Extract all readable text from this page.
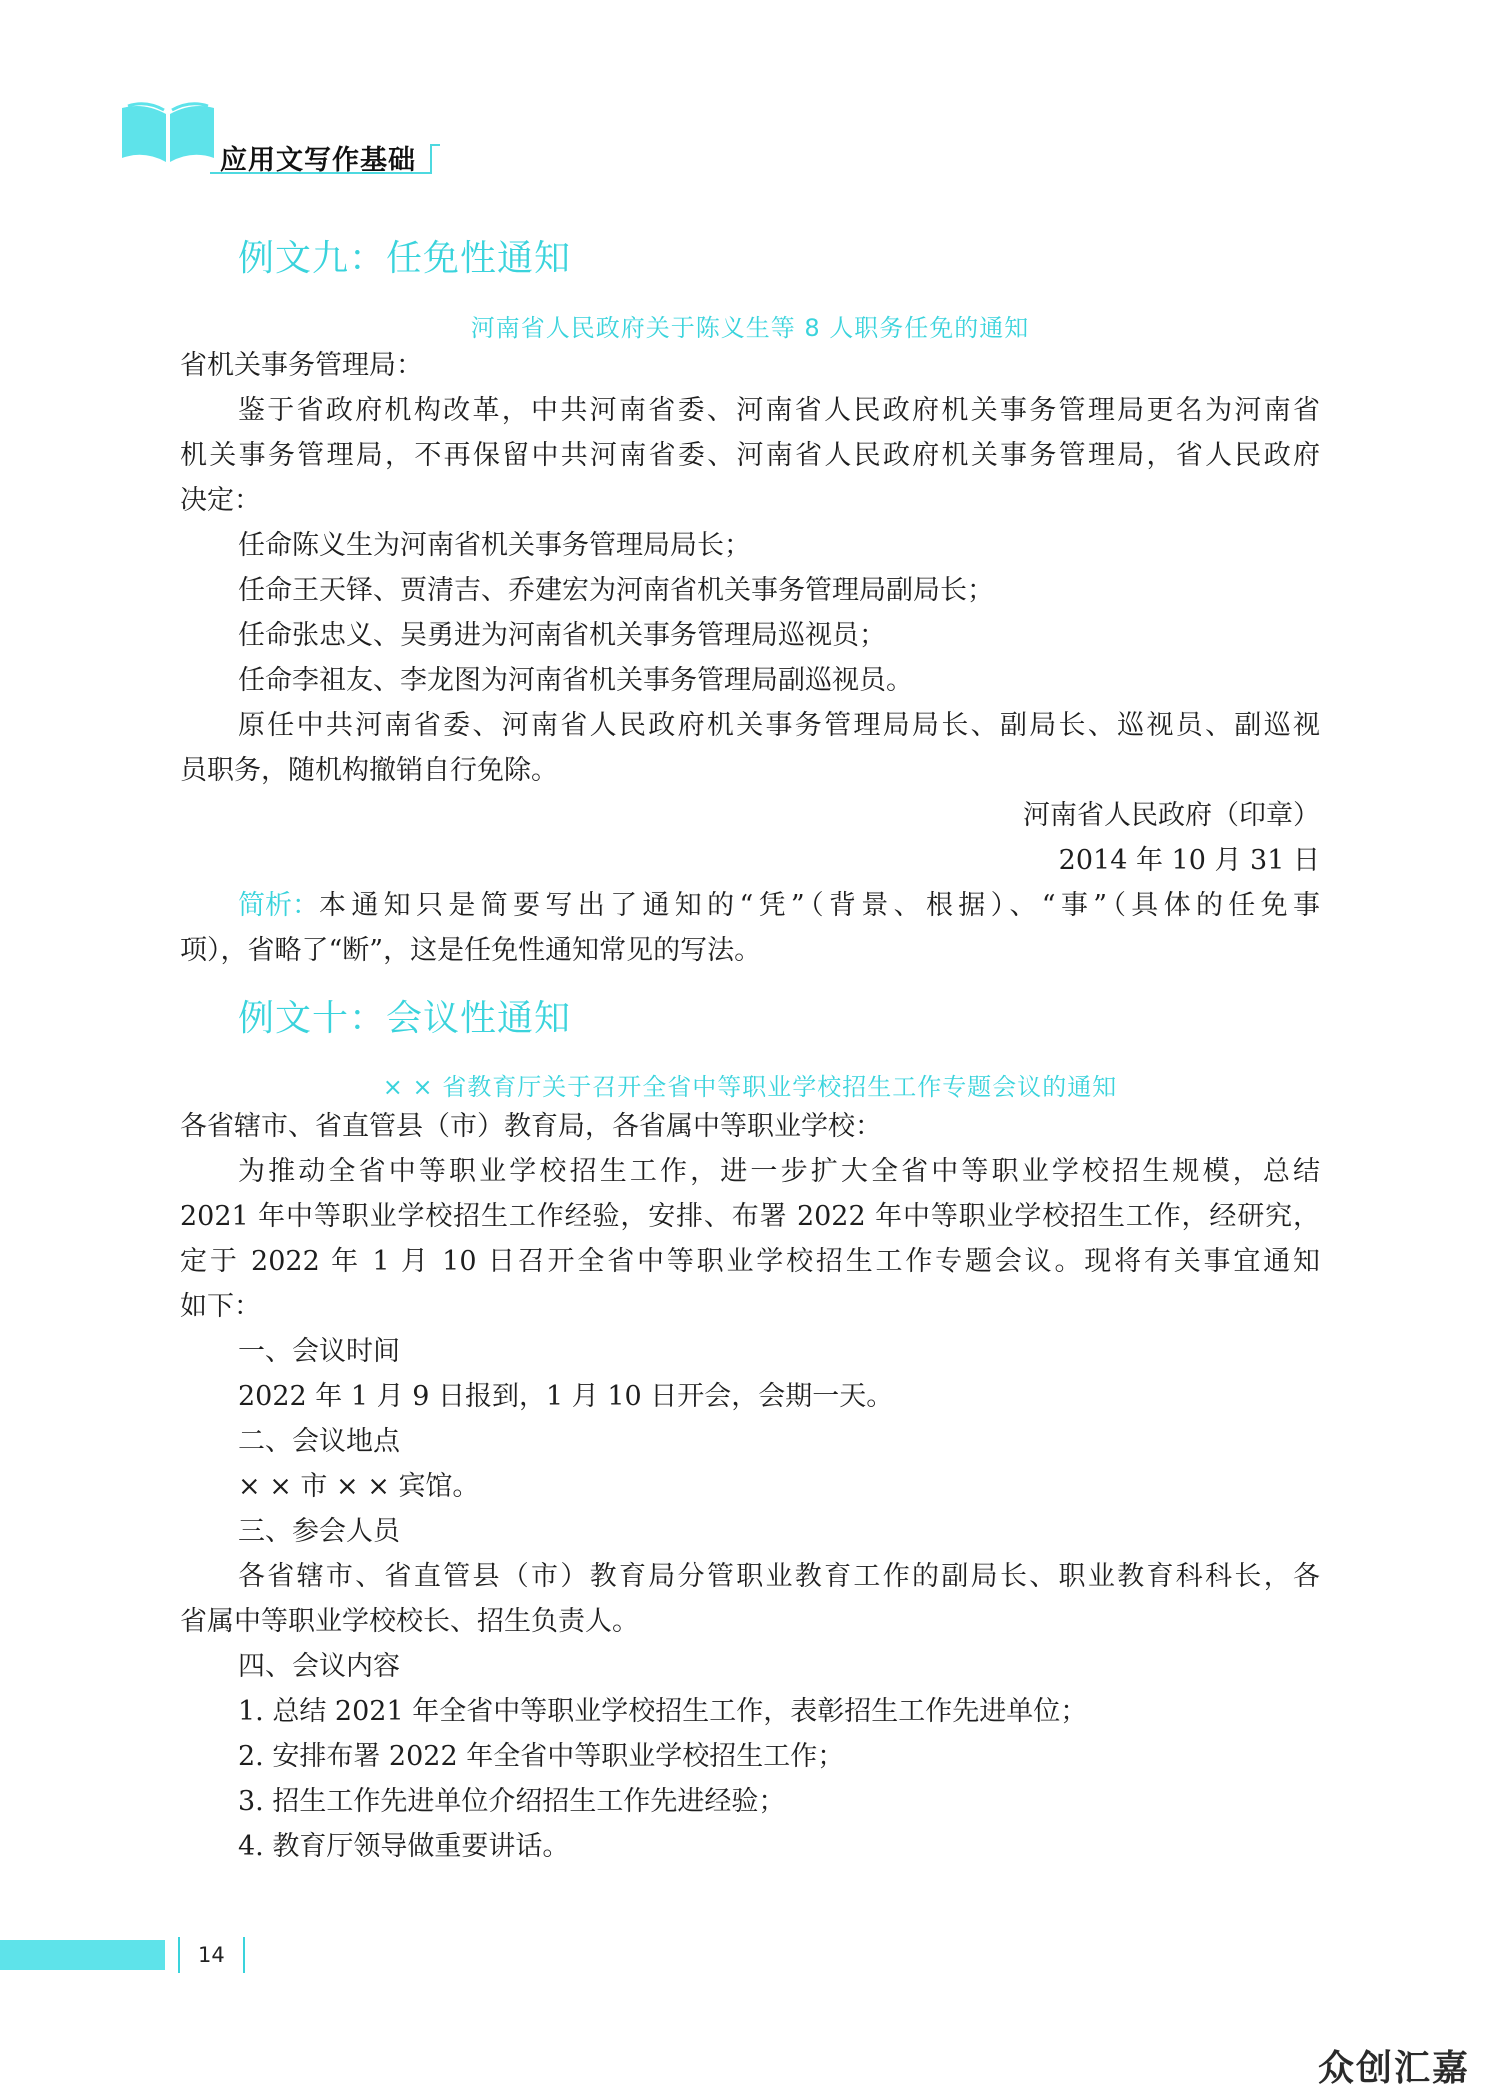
应用文写作基础
例文九：任免性通知
河南省人民政府关于陈义生等 8 人职务任免的通知
省机关事务管理局：
鉴于省政府机构改革，中共河南省委、河南省人民政府机关事务管理局更名为河南省
机关事务管理局，不再保留中共河南省委、河南省人民政府机关事务管理局，省人民政府
决定：
任命陈义生为河南省机关事务管理局局长；
任命王天铎、贾清吉、乔建宏为河南省机关事务管理局副局长；
任命张忠义、吴勇进为河南省机关事务管理局巡视员；
任命李祖友、李龙图为河南省机关事务管理局副巡视员。
原任中共河南省委、河南省人民政府机关事务管理局局长、副局长、巡视员、副巡视
员职务，随机构撤销自行免除。
河南省人民政府（印章）
2014 年 10 月 31 日
简析： 本通知只是简要写出了通知的“凭”（背景、根据）、“事”（具体的任免事
项），省略了“断”，这是任免性通知常见的写法。
例文十：会议性通知
× × 省教育厅关于召开全省中等职业学校招生工作专题会议的通知
各省辖市、省直管县（市）教育局，各省属中等职业学校：
为推动全省中等职业学校招生工作，进一步扩大全省中等职业学校招生规模，总结
2021 年中等职业学校招生工作经验，安排、布署 2022 年中等职业学校招生工作，经研究，
定于 2022 年 1 月 10 日召开全省中等职业学校招生工作专题会议。现将有关事宜通知
如下：
一、会议时间
2022 年 1 月 9 日报到，1 月 10 日开会，会期一天。
二、会议地点
× × 市 × × 宾馆。
三、参会人员
各省辖市、省直管县（市）教育局分管职业教育工作的副局长、职业教育科科长，各
省属中等职业学校校长、招生负责人。
四、会议内容
1. 总结 2021 年全省中等职业学校招生工作，表彰招生工作先进单位；
2. 安排布署 2022 年全省中等职业学校招生工作；
3. 招生工作先进单位介绍招生工作先进经验；
4. 教育厅领导做重要讲话。
14
众创汇嘉
